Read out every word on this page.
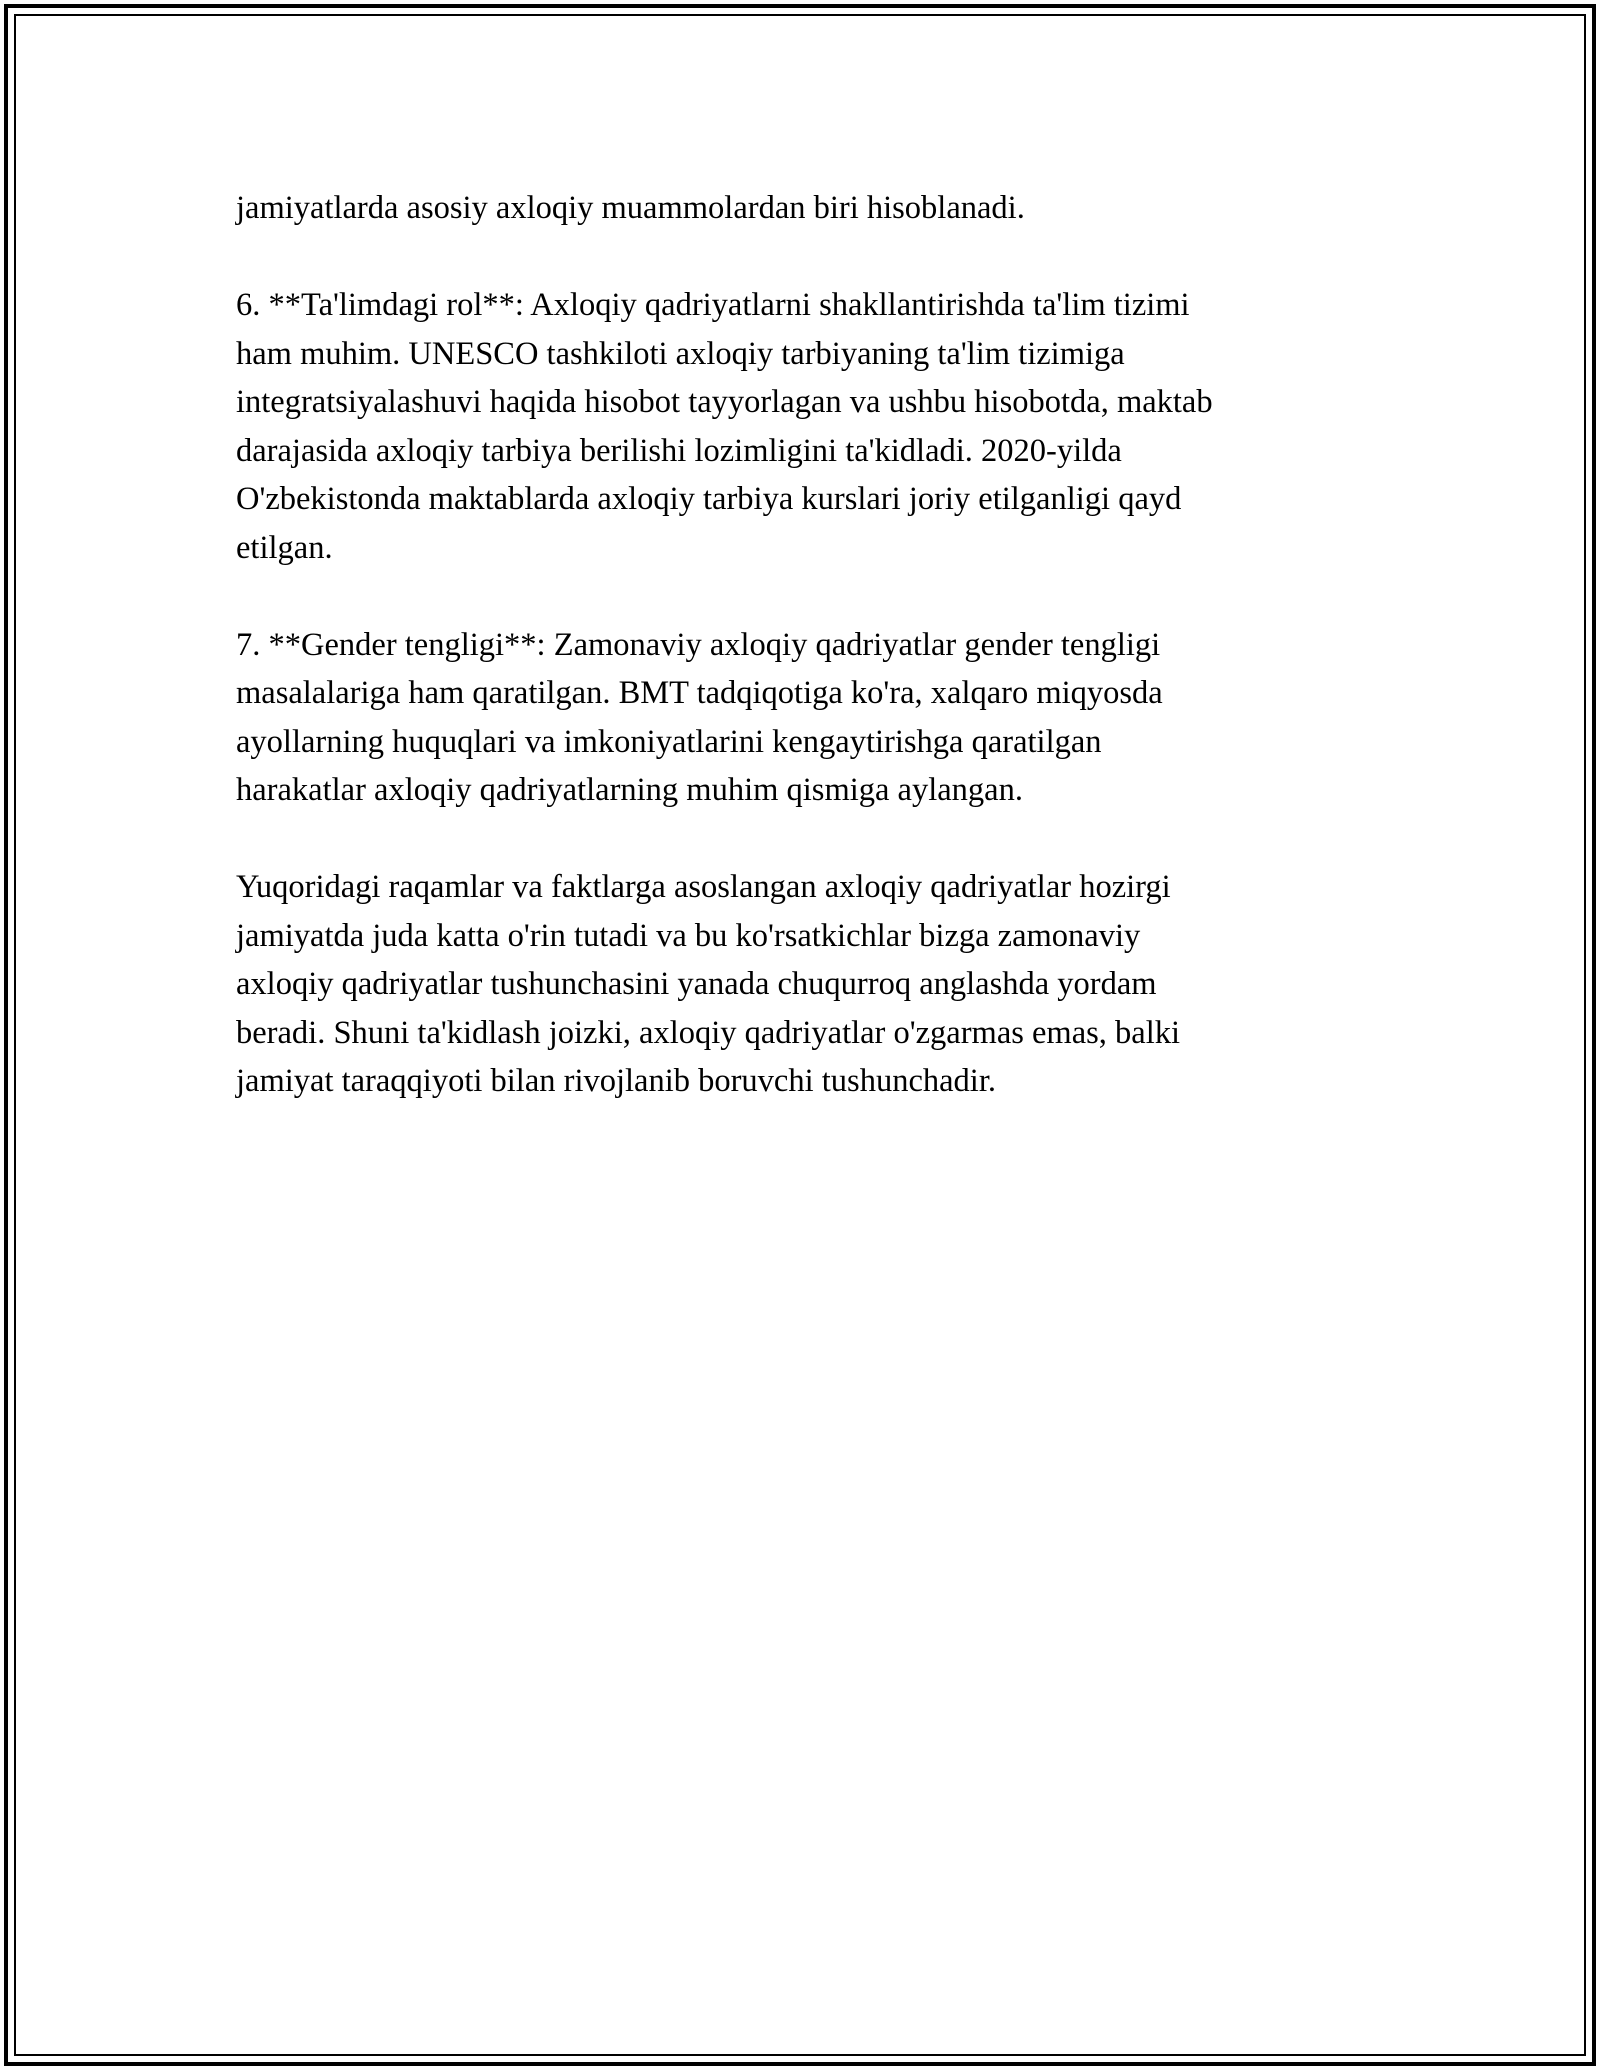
jamiyatlarda asosiy axloqiy muammolardan biri hisoblanadi.

6. **Ta'limdagi rol**: Axloqiy qadriyatlarni shakllantirishda ta'lim tizimi
ham muhim. UNESCO tashkiloti axloqiy tarbiyaning ta'lim tizimiga
integratsiyalashuvi haqida hisobot tayyorlagan va ushbu hisobotda, maktab
darajasida axloqiy tarbiya berilishi lozimligini ta'kidladi. 2020-yilda
O'zbekistonda maktablarda axloqiy tarbiya kurslari joriy etilganligi qayd
etilgan.

7. **Gender tengligi**: Zamonaviy axloqiy qadriyatlar gender tengligi
masalalariga ham qaratilgan. BMT tadqiqotiga ko'ra, xalqaro miqyosda
ayollarning huquqlari va imkoniyatlarini kengaytirishga qaratilgan
harakatlar axloqiy qadriyatlarning muhim qismiga aylangan.

Yuqoridagi raqamlar va faktlarga asoslangan axloqiy qadriyatlar hozirgi
jamiyatda juda katta o'rin tutadi va bu ko'rsatkichlar bizga zamonaviy
axloqiy qadriyatlar tushunchasini yanada chuqurroq anglashda yordam
beradi. Shuni ta'kidlash joizki, axloqiy qadriyatlar o'zgarmas emas, balki
jamiyat taraqqiyoti bilan rivojlanib boruvchi tushunchadir.
